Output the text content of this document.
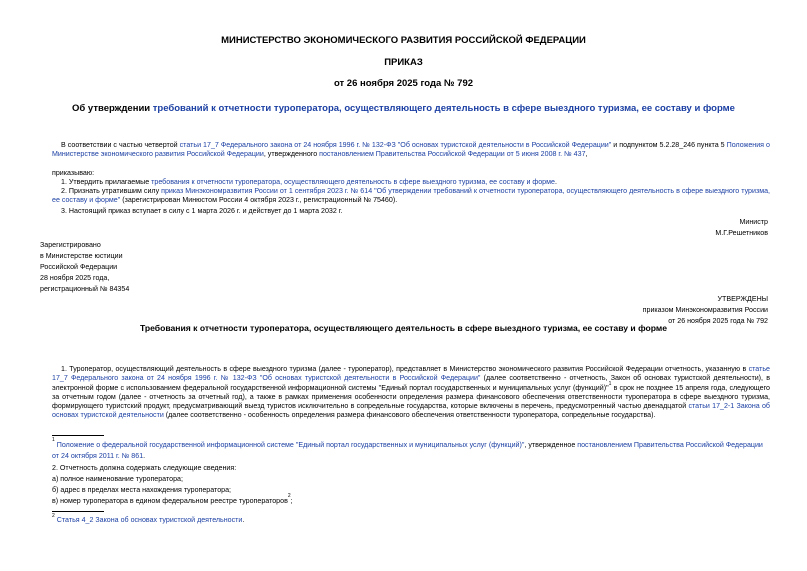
МИНИСТЕРСТВО ЭКОНОМИЧЕСКОГО РАЗВИТИЯ РОССИЙСКОЙ ФЕДЕРАЦИИ
ПРИКАЗ
от 26 ноября 2025 года № 792
Об утверждении требований к отчетности туроператора, осуществляющего деятельность в сфере выездного туризма, ее составу и форме
В соответствии с частью четвертой статьи 17_7 Федерального закона от 24 ноября 1996 г. № 132-ФЗ "Об основах туристской деятельности в Российской Федерации" и подпунктом 5.2.28_246 пункта 5 Положения о Министерстве экономического развития Российской Федерации, утвержденного постановлением Правительства Российской Федерации от 5 июня 2008 г. № 437,
приказываю:
1. Утвердить прилагаемые требования к отчетности туроператора, осуществляющего деятельность в сфере выездного туризма, ее составу и форме.
2. Признать утратившим силу приказ Минэкономразвития России от 1 сентября 2023 г. № 614 "Об утверждении требований к отчетности туроператора, осуществляющего деятельность в сфере выездного туризма, ее составу и форме" (зарегистрирован Минюстом России 4 октября 2023 г., регистрационный № 75460).
3. Настоящий приказ вступает в силу с 1 марта 2026 г. и действует до 1 марта 2032 г.
Министр
М.Г.Решетников
Зарегистрировано
в Министерстве юстиции
Российской Федерации
28 ноября 2025 года,
регистрационный № 84354
УТВЕРЖДЕНЫ
приказом Минэкономразвития России
от 26 ноября 2025 года № 792
Требования к отчетности туроператора, осуществляющего деятельность в сфере выездного туризма, ее составу и форме
1. Туроператор, осуществляющий деятельность в сфере выездного туризма (далее - туроператор), представляет в Министерство экономического развития Российской Федерации отчетность, указанную в статье 17_7 Федерального закона от 24 ноября 1996 г. № 132-ФЗ "Об основах туристской деятельности в Российской Федерации" (далее соответственно - отчетность, Закон об основах туристской деятельности), в электронной форме с использованием федеральной государственной информационной системы "Единый портал государственных и муниципальных услуг (функций)"$^1$ в срок не позднее 15 апреля года, следующего за отчетным годом (далее - отчетность за отчетный год), а также в рамках применения особенности определения размера финансового обеспечения ответственности туроператора в сфере выездного туризма, формирующего туристский продукт, предусматривающий выезд туристов исключительно в сопредельные государства, которые включены в перечень, предусмотренный частью двенадцатой статьи 17_2-1 Закона об основах туристской деятельности (далее соответственно - особенность определения размера финансового обеспечения ответственности туроператора, сопредельные государства).
$^1$ Положение о федеральной государственной информационной системе "Единый портал государственных и муниципальных услуг (функций)", утвержденное постановлением Правительства Российской Федерации от 24 октября 2011 г. № 861.
2. Отчетность должна содержать следующие сведения:
а) полное наименование туроператора;
б) адрес в пределах места нахождения туроператора;
в) номер туроператора в едином федеральном реестре туроператоров$^2$;
$^2$ Статья 4_2 Закона об основах туристской деятельности.
